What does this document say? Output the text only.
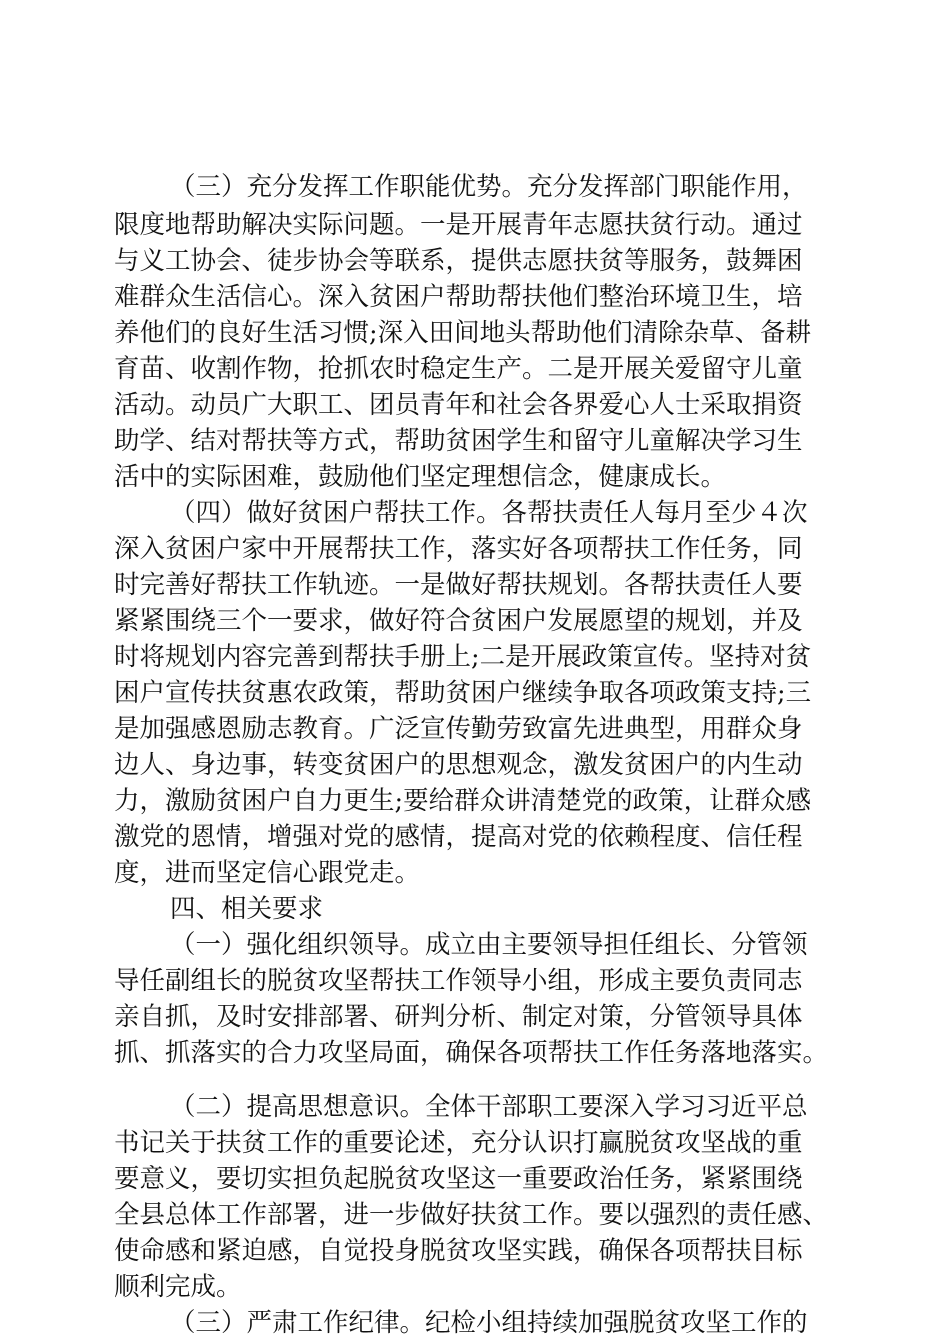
（三）充分发挥工作职能优势。充分发挥部门职能作用，
限度地帮助解决实际问题。一是开展青年志愿扶贫行动。通过
与义工协会、徒步协会等联系，提供志愿扶贫等服务，鼓舞困
难群众生活信心。深入贫困户帮助帮扶他们整治环境卫生，培
养他们的良好生活习惯;深入田间地头帮助他们清除杂草、备耕
育苗、收割作物，抢抓农时稳定生产。二是开展关爱留守儿童
活动。动员广大职工、团员青年和社会各界爱心人士采取捐资
助学、结对帮扶等方式，帮助贫困学生和留守儿童解决学习生
活中的实际困难，鼓励他们坚定理想信念，健康成长。
（四）做好贫困户帮扶工作。各帮扶责任人每月至少４次
深入贫困户家中开展帮扶工作，落实好各项帮扶工作任务，同
时完善好帮扶工作轨迹。一是做好帮扶规划。各帮扶责任人要
紧紧围绕三个一要求，做好符合贫困户发展愿望的规划，并及
时将规划内容完善到帮扶手册上;二是开展政策宣传。坚持对贫
困户宣传扶贫惠农政策，帮助贫困户继续争取各项政策支持;三
是加强感恩励志教育。广泛宣传勤劳致富先进典型，用群众身
边人、身边事，转变贫困户的思想观念，激发贫困户的内生动
力，激励贫困户自力更生;要给群众讲清楚党的政策，让群众感
激党的恩情，增强对党的感情，提高对党的依赖程度、信任程
度，进而坚定信心跟党走。
四、相关要求
（一）强化组织领导。成立由主要领导担任组长、分管领
导任副组长的脱贫攻坚帮扶工作领导小组，形成主要负责同志
亲自抓，及时安排部署、研判分析、制定对策，分管领导具体
抓、抓落实的合力攻坚局面，确保各项帮扶工作任务落地落实。
（二）提高思想意识。全体干部职工要深入学习习近平总
书记关于扶贫工作的重要论述，充分认识打赢脱贫攻坚战的重
要意义，要切实担负起脱贫攻坚这一重要政治任务，紧紧围绕
全县总体工作部署，进一步做好扶贫工作。要以强烈的责任感、
使命感和紧迫感，自觉投身脱贫攻坚实践，确保各项帮扶目标
顺利完成。
（三）严肃工作纪律。纪检小组持续加强脱贫攻坚工作的
